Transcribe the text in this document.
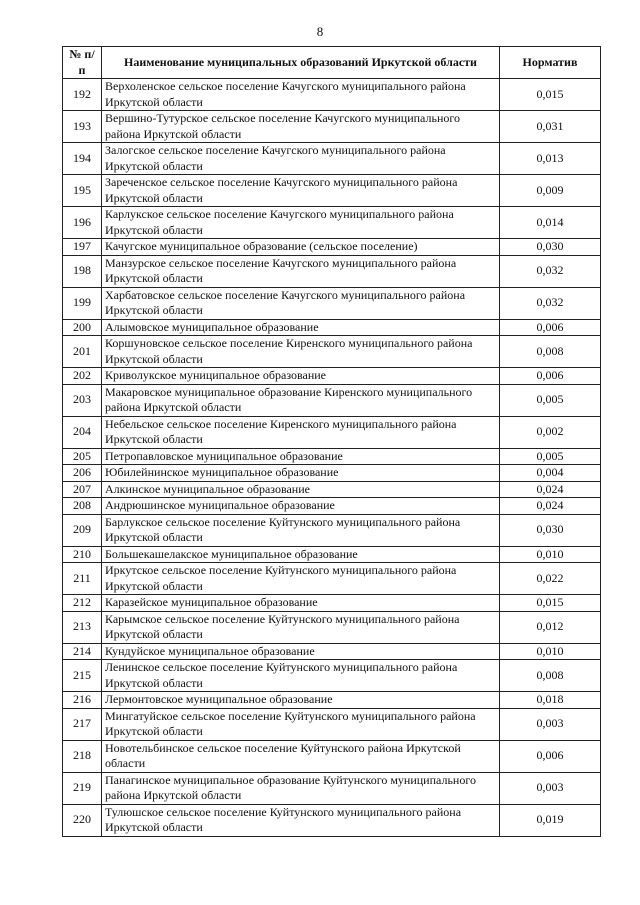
8
№ п/п	Наименование муниципальных образований Иркутской области	Норматив
192	Верхоленское сельское поселение Качугского муниципального района Иркутской области	0,015
193	Вершино-Тутурское сельское поселение Качугского муниципального района Иркутской области	0,031
194	Залогское сельское поселение Качугского муниципального района Иркутской области	0,013
195	Зареченское сельское поселение Качугского муниципального района Иркутской области	0,009
196	Карлукское сельское поселение Качугского муниципального района Иркутской области	0,014
197	Качугское муниципальное образование (сельское поселение)	0,030
198	Манзурское сельское поселение Качугского муниципального района Иркутской области	0,032
199	Харбатовское сельское поселение Качугского муниципального района Иркутской области	0,032
200	Алымовское муниципальное образование	0,006
201	Коршуновское сельское поселение Киренского муниципального района Иркутской области	0,008
202	Криволукское муниципальное образование	0,006
203	Макаровское муниципальное образование Киренского муниципального района Иркутской области	0,005
204	Небельское сельское поселение Киренского муниципального района Иркутской области	0,002
205	Петропавловское муниципальное образование	0,005
206	Юбилейнинское муниципальное образование	0,004
207	Алкинское муниципальное образование	0,024
208	Андрюшинское муниципальное образование	0,024
209	Барлукское сельское поселение Куйтунского муниципального района Иркутской области	0,030
210	Большекашелакское муниципальное образование	0,010
211	Иркутское сельское поселение Куйтунского муниципального района Иркутской области	0,022
212	Каразейское муниципальное образование	0,015
213	Карымское сельское поселение Куйтунского муниципального района Иркутской области	0,012
214	Кундуйское муниципальное образование	0,010
215	Ленинское сельское поселение Куйтунского муниципального района Иркутской области	0,008
216	Лермонтовское муниципальное образование	0,018
217	Мингатуйское сельское поселение Куйтунского муниципального района Иркутской области	0,003
218	Новотельбинское сельское поселение Куйтунского района Иркутской области	0,006
219	Панагинское муниципальное образование Куйтунского муниципального района Иркутской области	0,003
220	Тулюшское сельское поселение Куйтунского муниципального района Иркутской области	0,019
